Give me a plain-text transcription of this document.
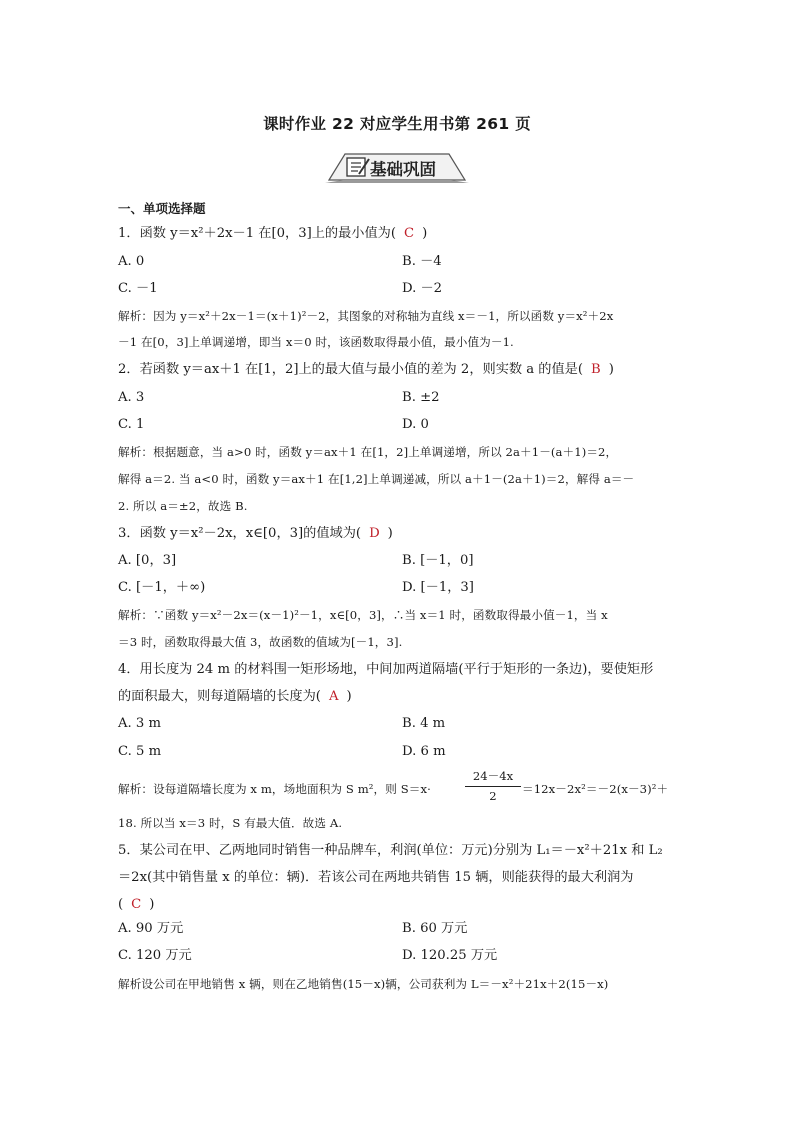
课时作业 22 对应学生用书第 261 页
基础巩固
一、单项选择题
1．函数 y＝x²＋2x－1 在[0，3]上的最小值为( C )
A. 0	B. －4
C. －1	D. －2
解析：因为 y＝x²＋2x－1＝(x＋1)²－2，其图象的对称轴为直线 x＝－1，所以函数 y＝x²＋2x
－1 在[0，3]上单调递增，即当 x＝0 时，该函数取得最小值，最小值为－1.
2．若函数 y＝ax＋1 在[1，2]上的最大值与最小值的差为 2，则实数 a 的值是( B )
A. 3	B. ±2
C. 1	D. 0
解析：根据题意，当 a>0 时，函数 y＝ax＋1 在[1，2]上单调递增，所以 2a＋1－(a＋1)＝2，
解得 a＝2. 当 a<0 时，函数 y＝ax＋1 在[1,2]上单调递减，所以 a＋1－(2a＋1)＝2，解得 a＝－
2. 所以 a＝±2，故选 B.
3．函数 y＝x²－2x，x∈[0，3]的值域为( D )
A. [0，3]	B. [－1，0]
C. [－1，＋∞)	D. [－1，3]
解析：∵函数 y＝x²－2x＝(x－1)²－1，x∈[0，3]，∴当 x＝1 时，函数取得最小值－1，当 x
＝3 时，函数取得最大值 3，故函数的值域为[－1，3].
4．用长度为 24 m 的材料围一矩形场地，中间加两道隔墙(平行于矩形的一条边)，要使矩形
的面积最大，则每道隔墙的长度为( A )
A. 3 m	B. 4 m
C. 5 m	D. 6 m
解析：设每道隔墙长度为 x m，场地面积为 S m²，则 S＝x·
24－4x
2	＝12x－2x²＝－2(x－3)²＋
18. 所以当 x＝3 时，S 有最大值．故选 A.
5．某公司在甲、乙两地同时销售一种品牌车，利润(单位：万元)分别为 L₁＝－x²＋21x 和 L₂
＝2x(其中销售量 x 的单位：辆)．若该公司在两地共销售 15 辆，则能获得的最大利润为
( C )
A. 90 万元	B. 60 万元
C. 120 万元	D. 120.25 万元
解析设公司在甲地销售 x 辆，则在乙地销售(15－x)辆，公司获利为 L＝－x²＋21x＋2(15－x)
